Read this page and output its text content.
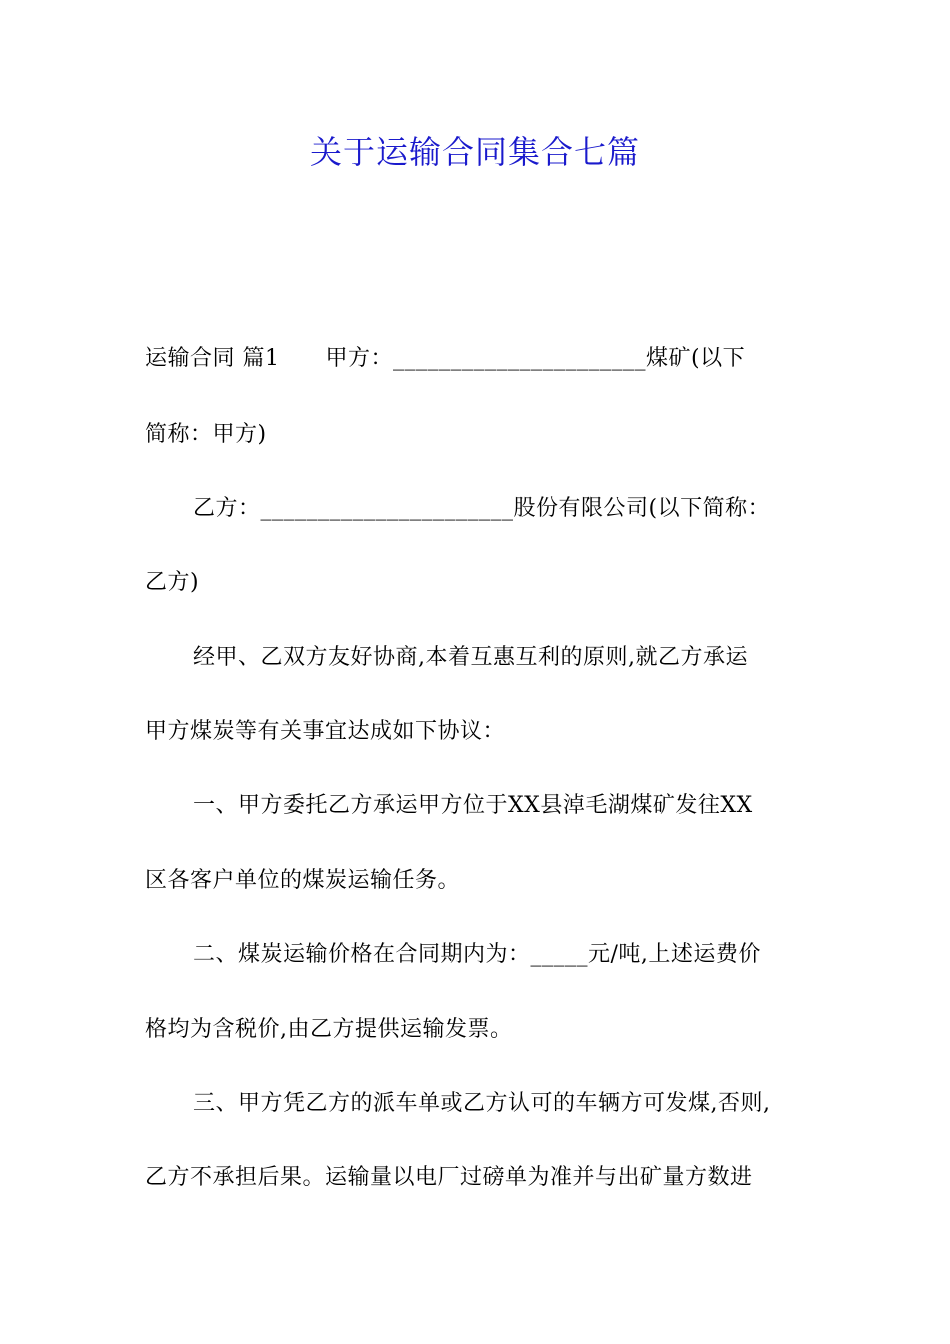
关于运输合同集合七篇
运输合同 篇1 甲方：______________________煤矿(以下
简称：甲方)
乙方：______________________股份有限公司(以下简称：
乙方)
经甲、乙双方友好协商,本着互惠互利的原则,就乙方承运
甲方煤炭等有关事宜达成如下协议：
一、甲方委托乙方承运甲方位于XX县淖毛湖煤矿发往XX
区各客户单位的煤炭运输任务。
二、煤炭运输价格在合同期内为：_____元/吨,上述运费价
格均为含税价,由乙方提供运输发票。
三、甲方凭乙方的派车单或乙方认可的车辆方可发煤,否则,
乙方不承担后果。运输量以电厂过磅单为准并与出矿量方数进
